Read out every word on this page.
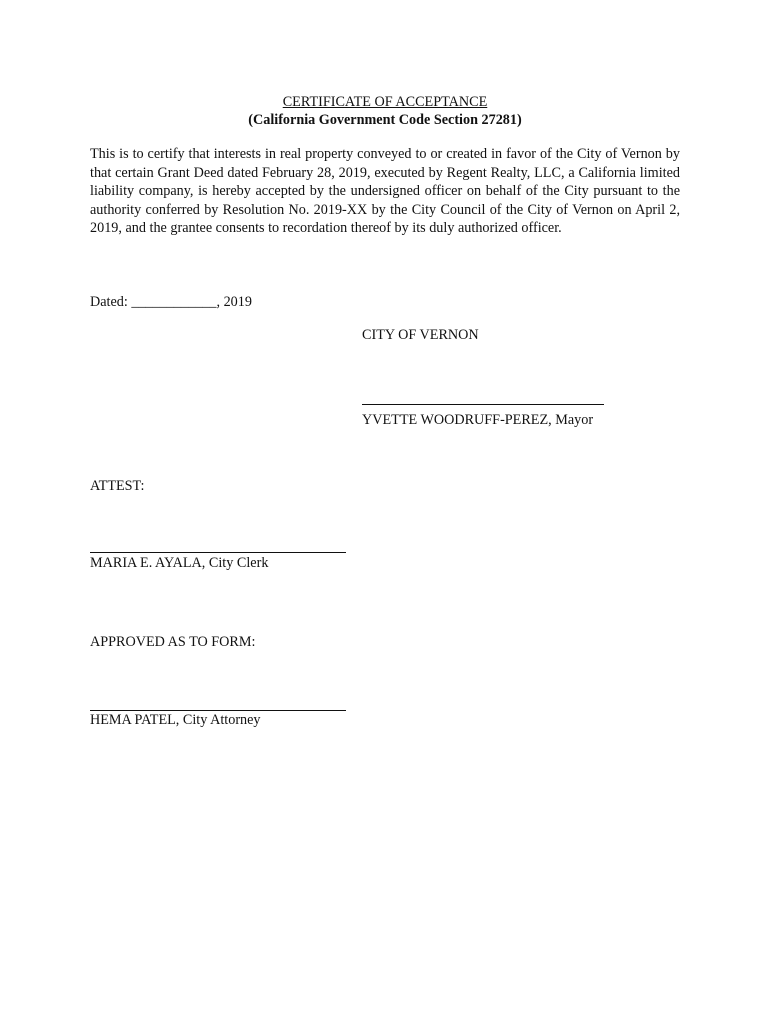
CERTIFICATE OF ACCEPTANCE
(California Government Code Section 27281)
This is to certify that interests in real property conveyed to or created in favor of the City of Vernon by that certain Grant Deed dated February 28, 2019, executed by Regent Realty, LLC, a California limited liability company, is hereby accepted by the undersigned officer on behalf of the City pursuant to the authority conferred by Resolution No. 2019-XX by the City Council of the City of Vernon on April 2, 2019, and the grantee consents to recordation thereof by its duly authorized officer.
Dated: ____________, 2019
CITY OF VERNON
YVETTE WOODRUFF-PEREZ, Mayor
ATTEST:
MARIA E. AYALA, City Clerk
APPROVED AS TO FORM:
HEMA PATEL, City Attorney
